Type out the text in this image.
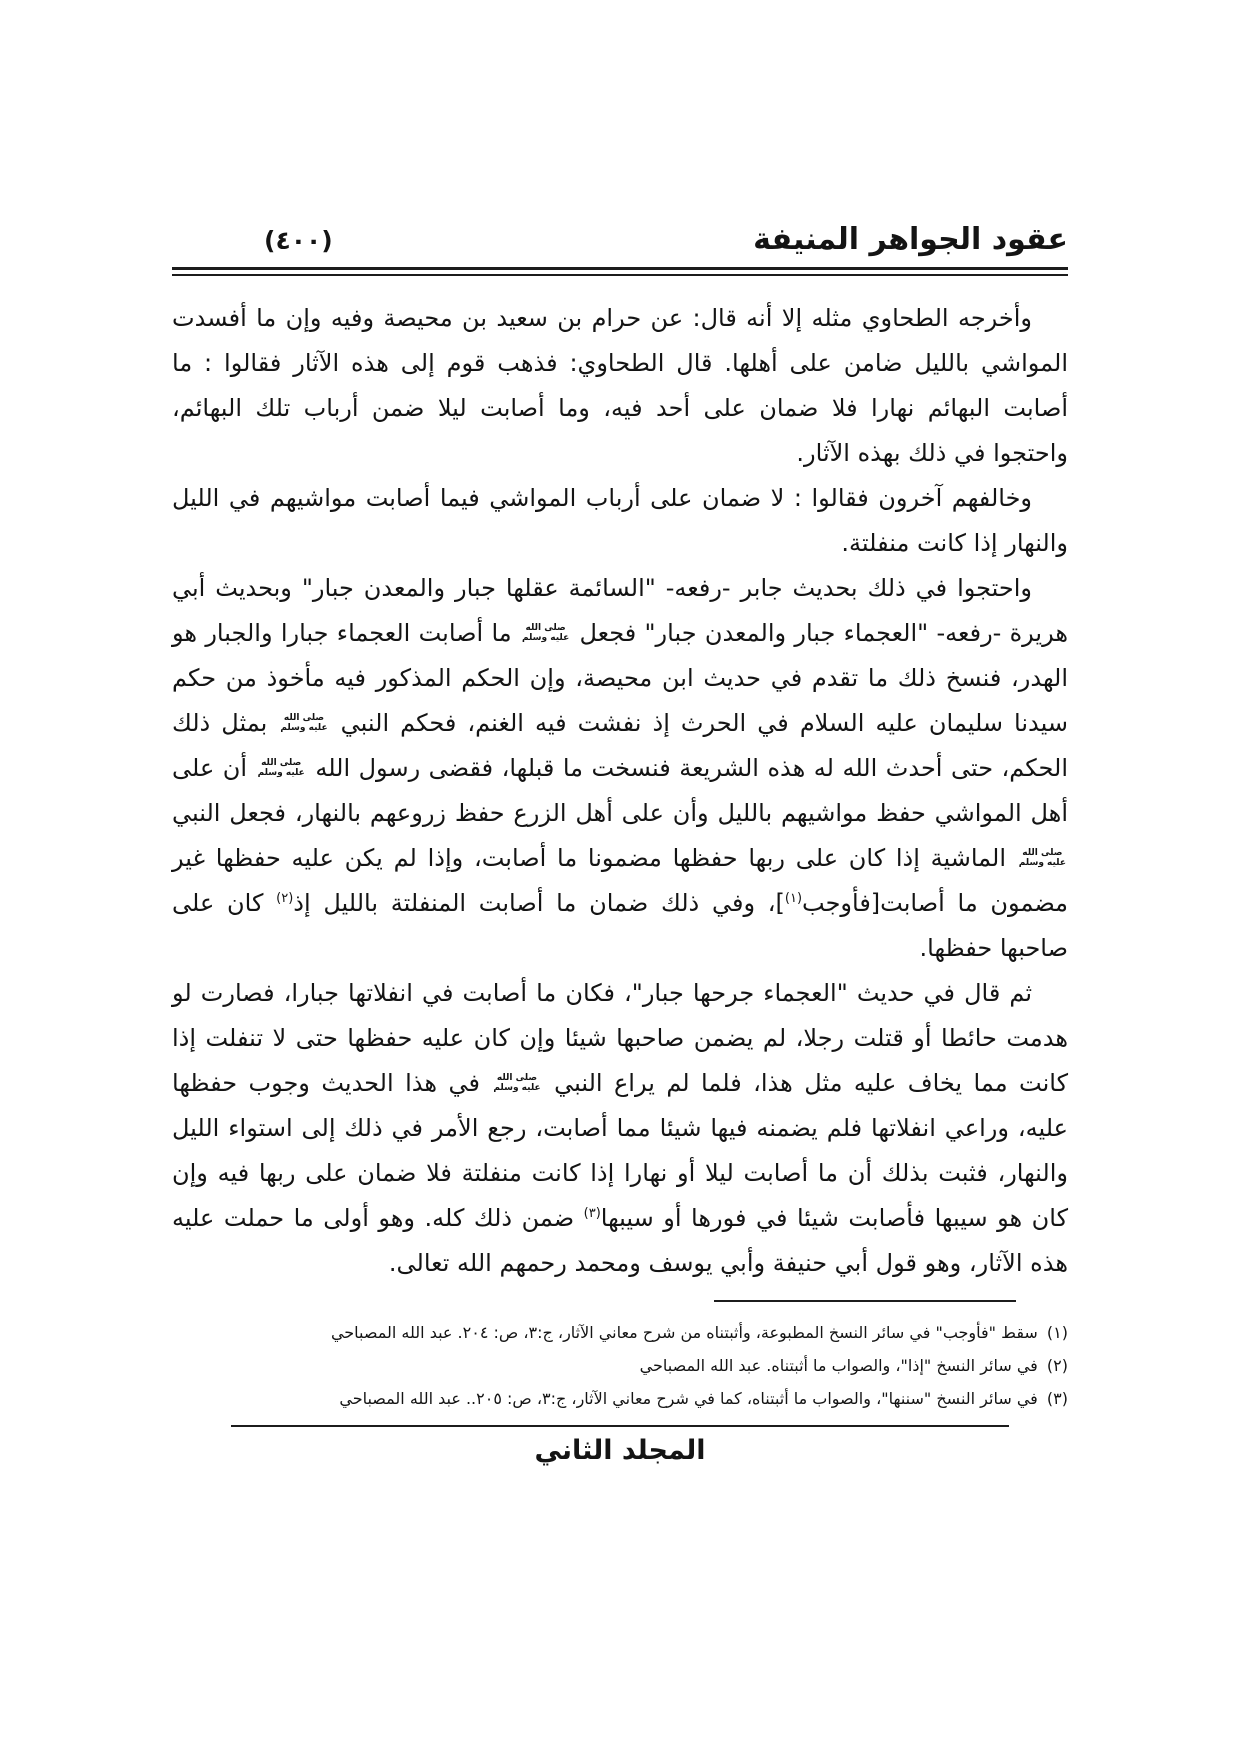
عقود الجواهر المنيفة
(٤٠٠)

وأخرجه الطحاوي مثله إلا أنه قال: عن حرام بن سعيد بن محيصة وفيه وإن ما أفسدت المواشي بالليل ضامن على أهلها. قال الطحاوي: فذهب قوم إلى هذه الآثار فقالوا : ما أصابت البهائم نهارا فلا ضمان على أحد فيه، وما أصابت ليلا ضمن أرباب تلك البهائم، واحتجوا في ذلك بهذه الآثار.

وخالفهم آخرون فقالوا : لا ضمان على أرباب المواشي فيما أصابت مواشيهم في الليل والنهار إذا كانت منفلتة.

واحتجوا في ذلك بحديث جابر -رفعه- "السائمة عقلها جبار والمعدن جبار" وبحديث أبي هريرة -رفعه- "العجماء جبار والمعدن جبار" فجعل
صلى الله
عليه وسلم
ما أصابت العجماء جبارا والجبار هو الهدر، فنسخ ذلك ما تقدم في حديث ابن محيصة، وإن الحكم المذكور فيه مأخوذ من حكم سيدنا سليمان عليه السلام في الحرث إذ نفشت فيه الغنم، فحكم النبي
صلى الله
عليه وسلم
بمثل ذلك الحكم، حتى أحدث الله له هذه الشريعة فنسخت ما قبلها، فقضى رسول الله
صلى الله
عليه وسلم
أن على أهل المواشي حفظ مواشيهم بالليل وأن على أهل الزرع حفظ زروعهم بالنهار، فجعل النبي
صلى الله
عليه وسلم
الماشية إذا كان على ربها حفظها مضمونا ما أصابت، وإذا لم يكن عليه حفظها غير مضمون ما أصابت[فأوجب$^{(١)}$]، وفي ذلك ضمان ما أصابت المنفلتة بالليل إذ$^{(٢)}$ كان على صاحبها حفظها.

ثم قال في حديث "العجماء جرحها جبار"، فكان ما أصابت في انفلاتها جبارا، فصارت لو هدمت حائطا أو قتلت رجلا، لم يضمن صاحبها شيئا وإن كان عليه حفظها حتى لا تنفلت إذا كانت مما يخاف عليه مثل هذا، فلما لم يراع النبي
صلى الله
عليه وسلم
في هذا الحديث وجوب حفظها عليه، وراعي انفلاتها فلم يضمنه فيها شيئا مما أصابت، رجع الأمر في ذلك إلى استواء الليل والنهار، فثبت بذلك أن ما أصابت ليلا أو نهارا إذا كانت منفلتة فلا ضمان على ربها فيه وإن كان هو سيبها فأصابت شيئا في فورها أو سيبها$^{(٣)}$ ضمن ذلك كله. وهو أولى ما حملت عليه هذه الآثار، وهو قول أبي حنيفة وأبي يوسف ومحمد رحمهم الله تعالى.

(١) سقط "فأوجب" في سائر النسخ المطبوعة، وأثبتناه من شرح معاني الآثار، ج:٣، ص: ٢٠٤. عبد الله المصباحي
(٢) في سائر النسخ "إذا"، والصواب ما أثبتناه. عبد الله المصباحي
(٣) في سائر النسخ "سننها"، والصواب ما أثبتناه، كما في شرح معاني الآثار، ج:٣، ص: ٢٠٥.. عبد الله المصباحي
المجلد الثاني
